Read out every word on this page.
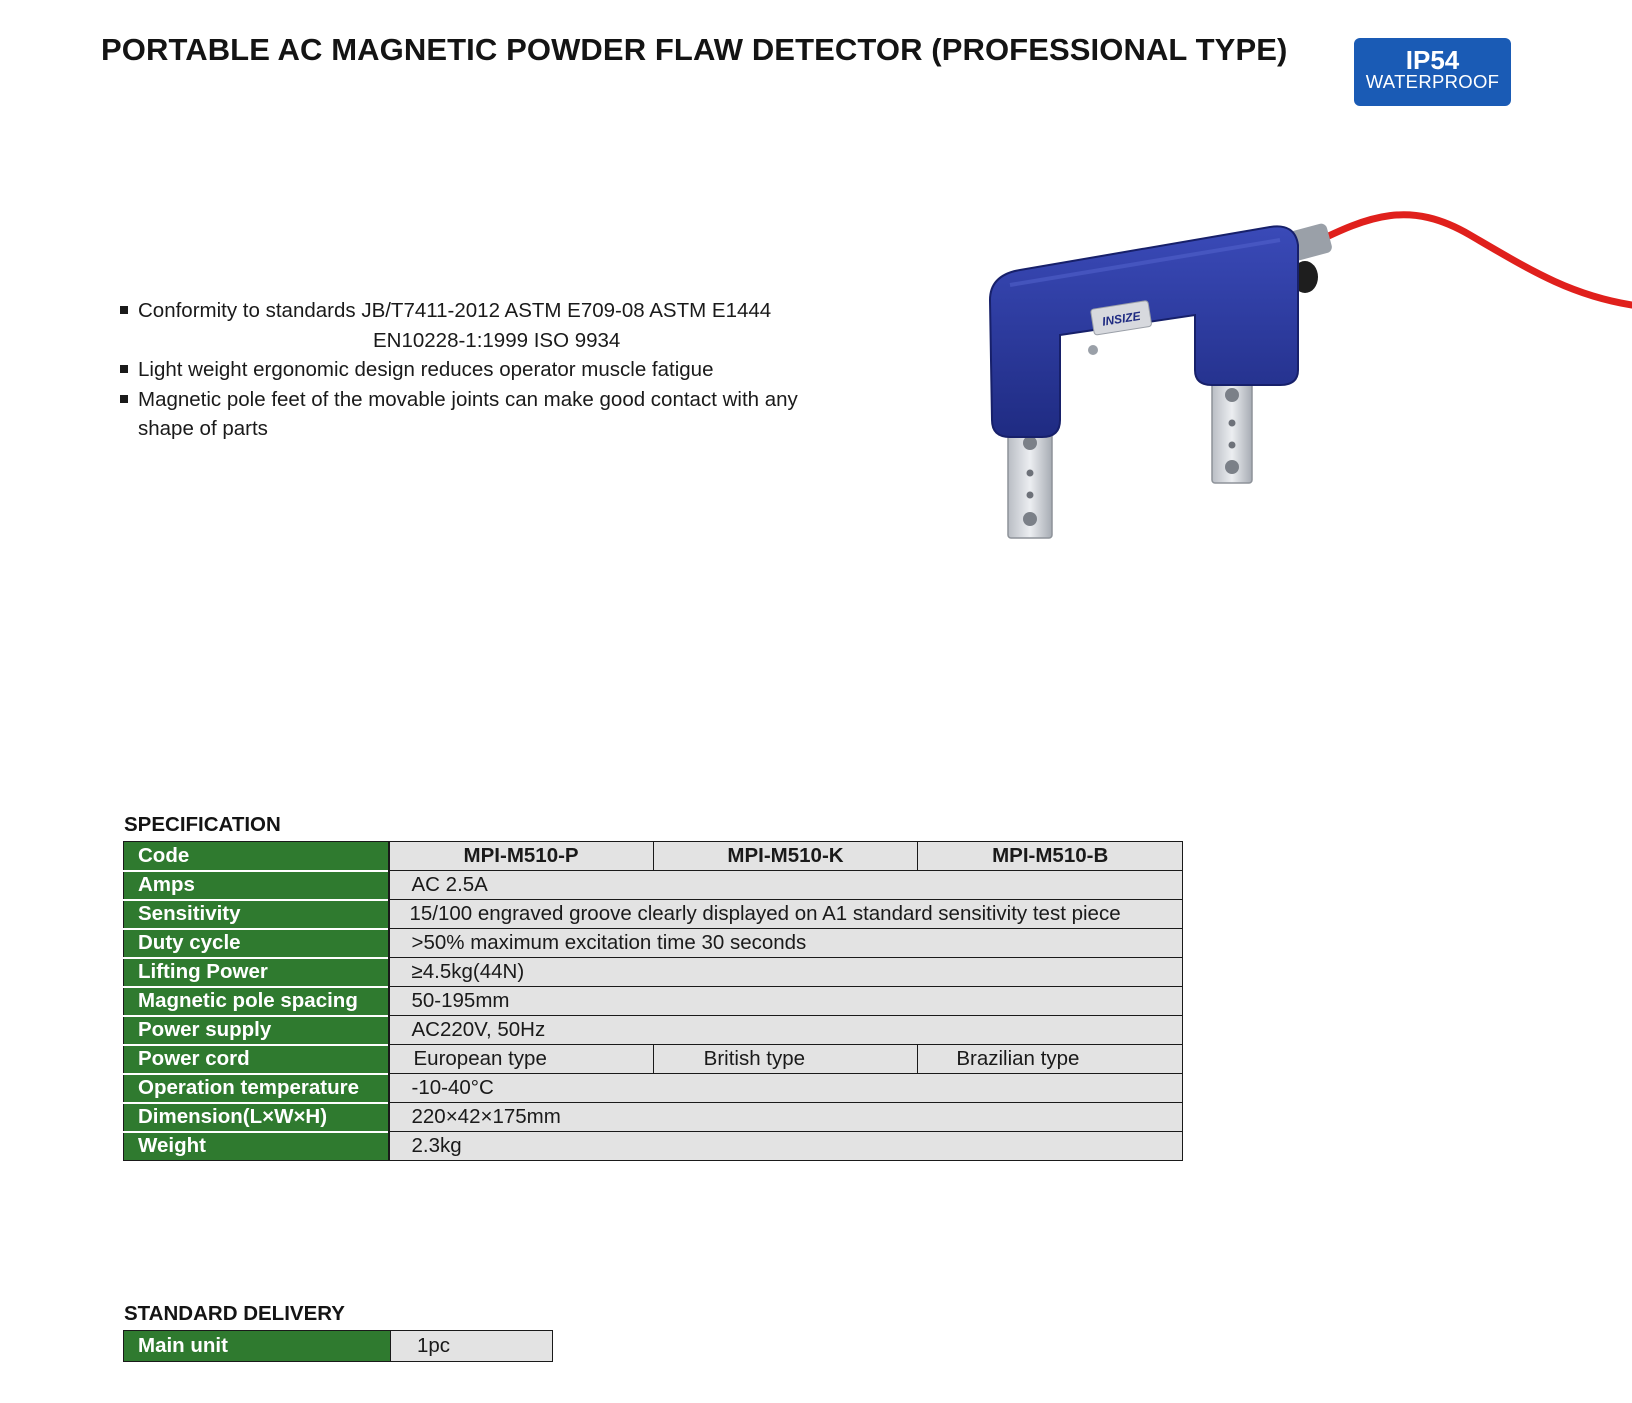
PORTABLE AC MAGNETIC POWDER FLAW DETECTOR (PROFESSIONAL TYPE)	IP54
WATERPROOF
Conformity to standards JB/T7411-2012 ASTM E709-08 ASTM E1444
EN10228-1:1999 ISO 9934
Light weight ergonomic design reduces operator muscle fatigue
Magnetic pole feet of the movable joints can make good contact with any
shape of parts
INSIZE
SPECIFICATION
Code	MPI-M510-P	MPI-M510-K	MPI-M510-B
Amps	AC 2.5A		
Sensitivity	15/100 engraved groove clearly displayed on A1 standard sensitivity test piece		
Duty cycle	>50% maximum excitation time 30 seconds		
Lifting Power	≥4.5kg(44N)		
Magnetic pole spacing	50-195mm		
Power supply	AC220V, 50Hz		
Power cord	European type	British type	Brazilian type
Operation temperature	-10-40°C		
Dimension(L×W×H)	220×42×175mm		
Weight	2.3kg		
STANDARD DELIVERY
Main unit	1pc
